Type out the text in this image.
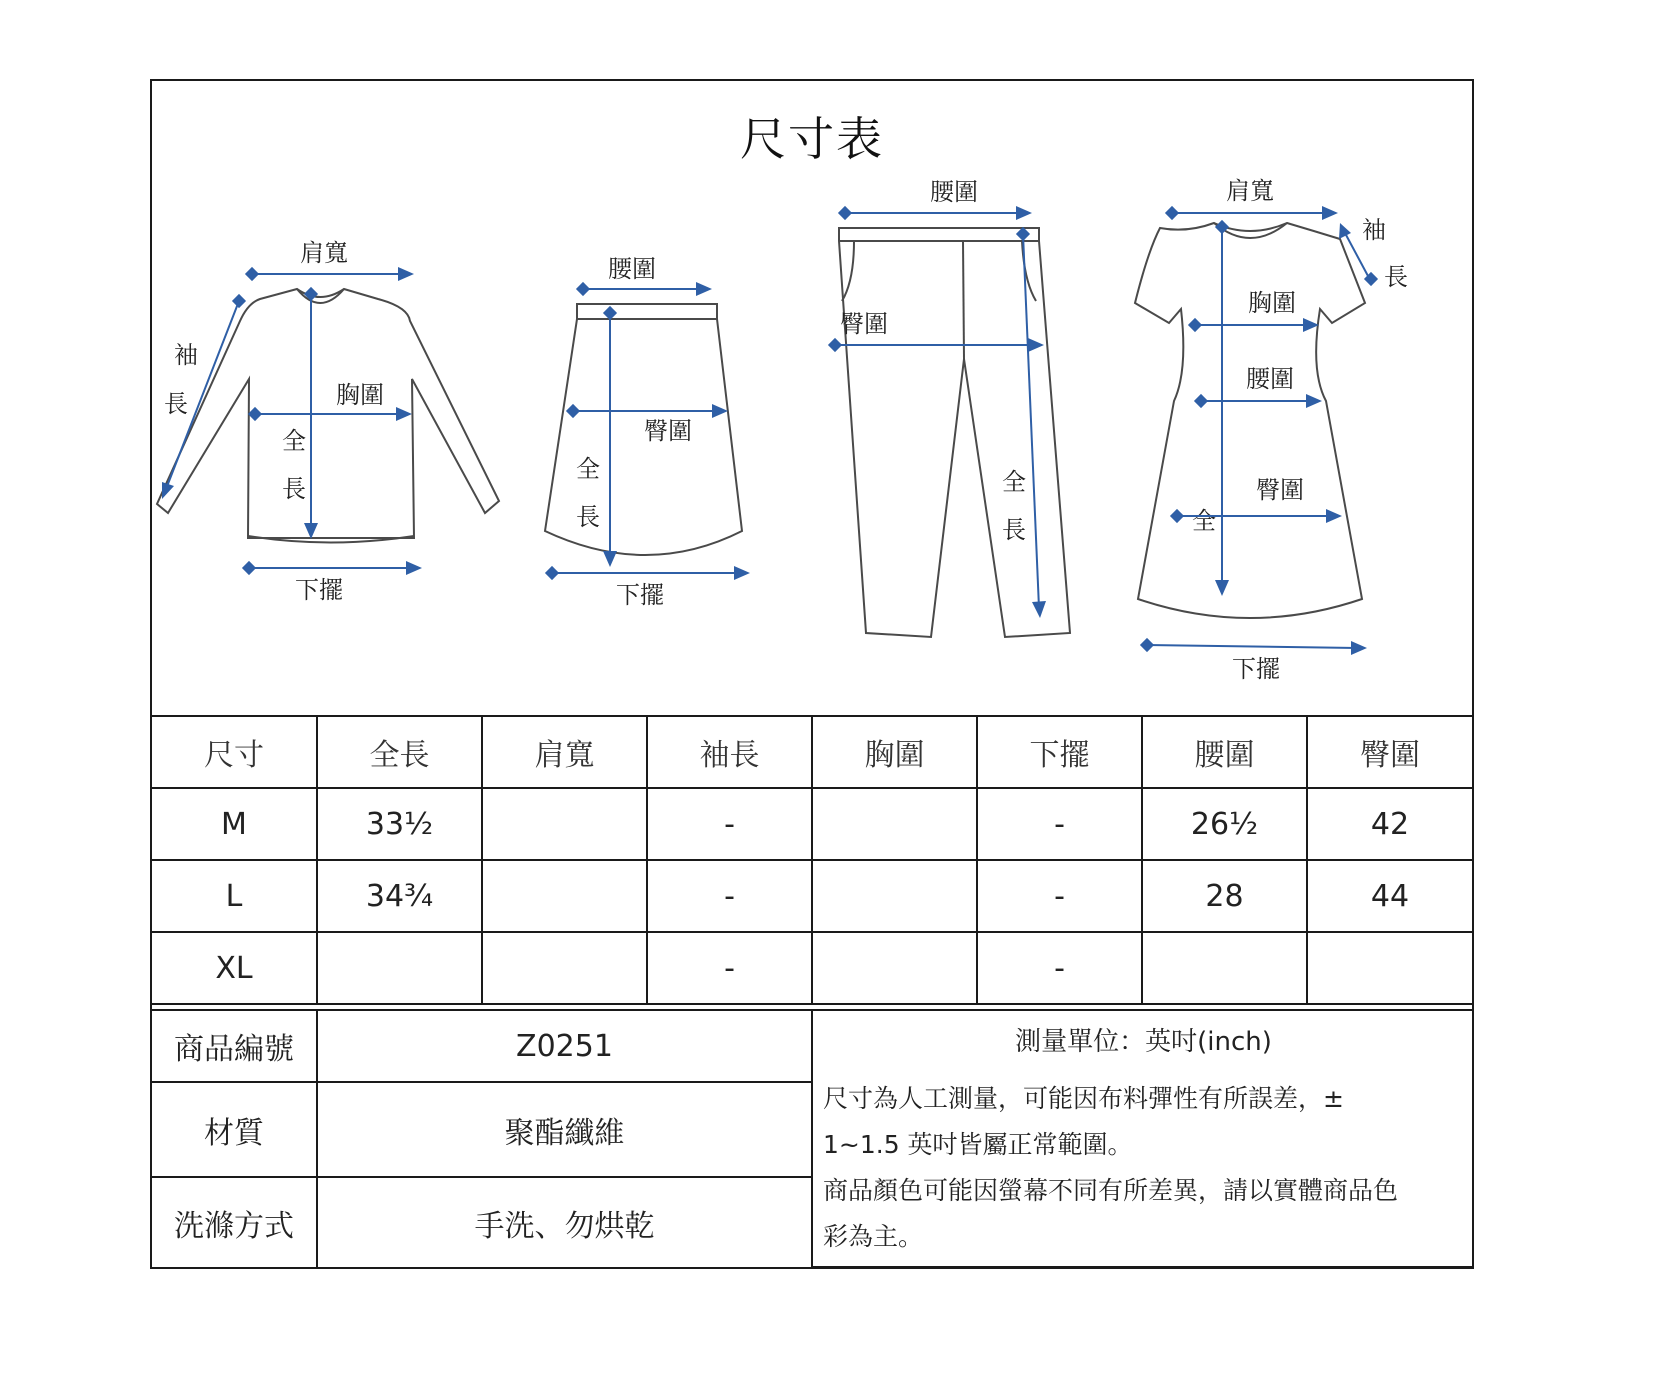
尺寸表
肩寬
袖
長	胸圍
全
長
下擺
腰圍
臀圍
全
長
下擺
腰圍
臀圍
全
長
肩寬
袖
長
全
胸圍
腰圍
臀圍
下擺
尺寸	全長	肩寬	袖長	胸圍	下擺	腰圍	臀圍
M	33½		-		-	26½	42
L	34¾		-		-	28	44
XL			-		-		
商品編號	Z0251	測量單位：英吋(inch)
尺寸為人工測量，可能因布料彈性有所誤差，±
1~1.5 英吋皆屬正常範圍。
商品顏色可能因螢幕不同有所差異，請以實體商品色
彩為主。

材質	聚酯纖維	
洗滌方式	手洗、勿烘乾	
